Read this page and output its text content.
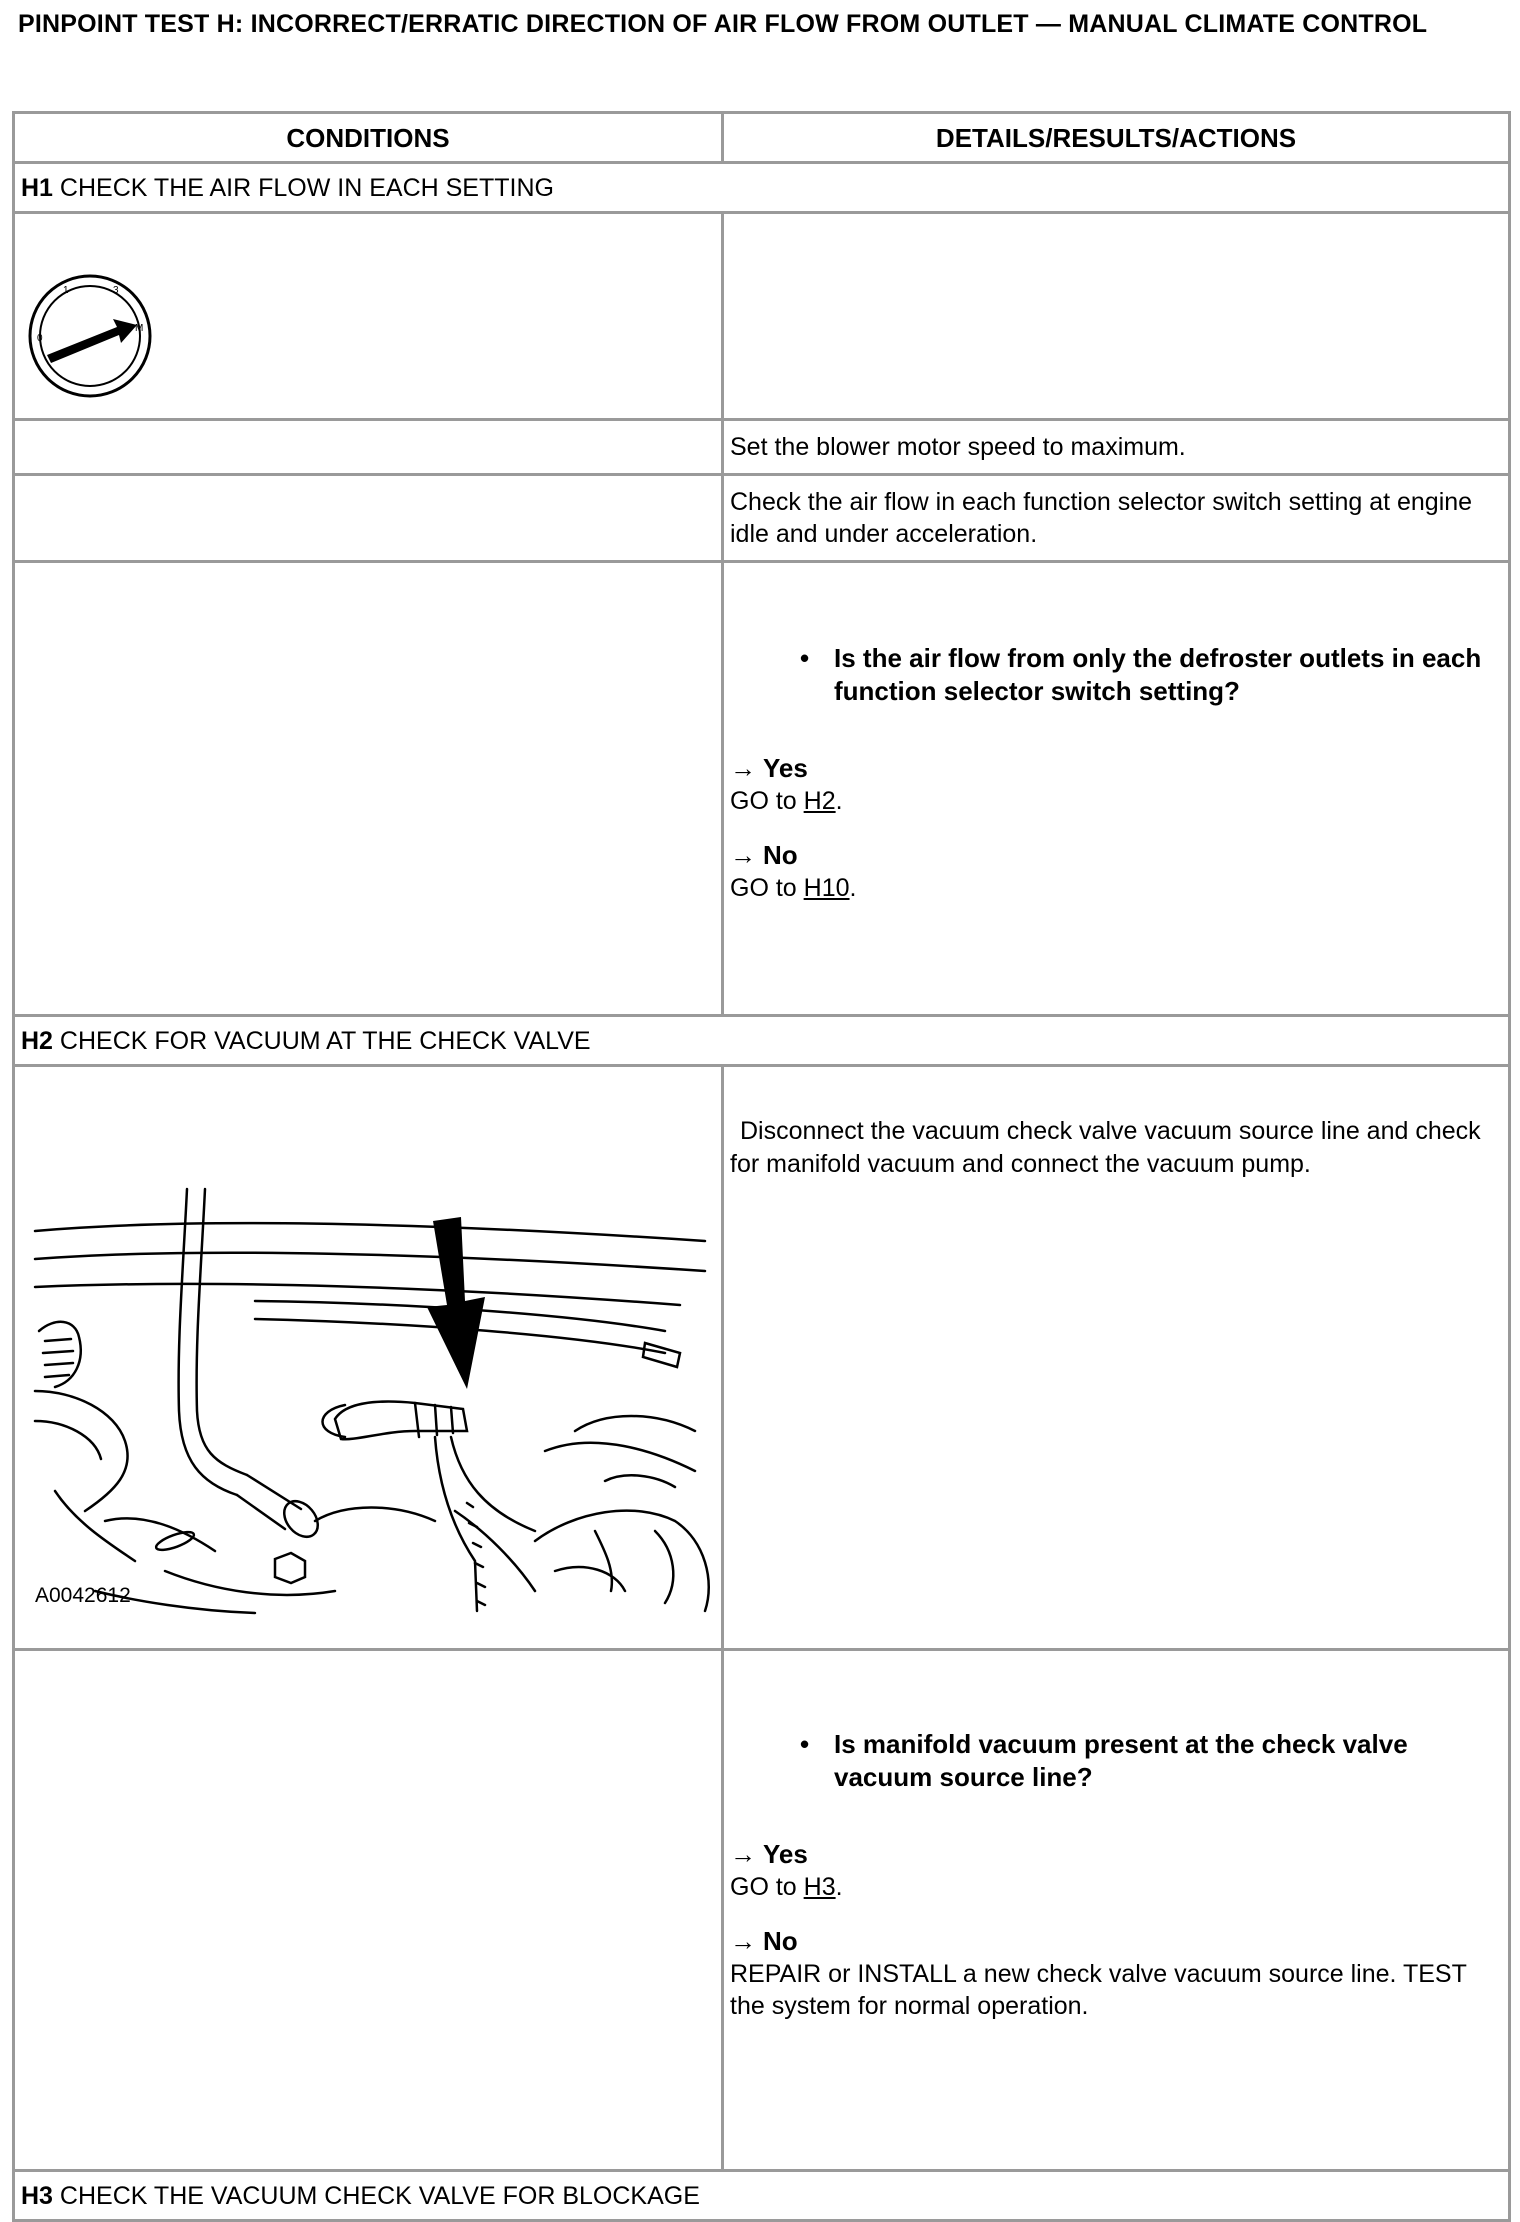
PINPOINT TEST H: INCORRECT/ERRATIC DIRECTION OF AIR FLOW FROM OUTLET — MANUAL CLIMATE CONTROL
CONDITIONS	DETAILS/RESULTS/ACTIONS
H1 CHECK THE AIR FLOW IN EACH SETTING	

0
1 3
M	

	Set the blower motor speed to maximum.
	Check the air flow in each function selector switch setting at engine idle and under acceleration.

	• Is the air flow from only the defroster outlets in each function selector switch setting?
→ Yes
GO to H2.
→ No
GO to H10.

H2 CHECK FOR VACUUM AT THE CHECK VALVE	

A0042612	Disconnect the vacuum check valve vacuum source line and check for manifold vacuum and connect the vacuum pump.

	• Is manifold vacuum present at the check valve vacuum source line?
→ Yes
GO to H3.
→ No
REPAIR or INSTALL a new check valve vacuum source line. TEST the system for normal operation.

H3 CHECK THE VACUUM CHECK VALVE FOR BLOCKAGE	
